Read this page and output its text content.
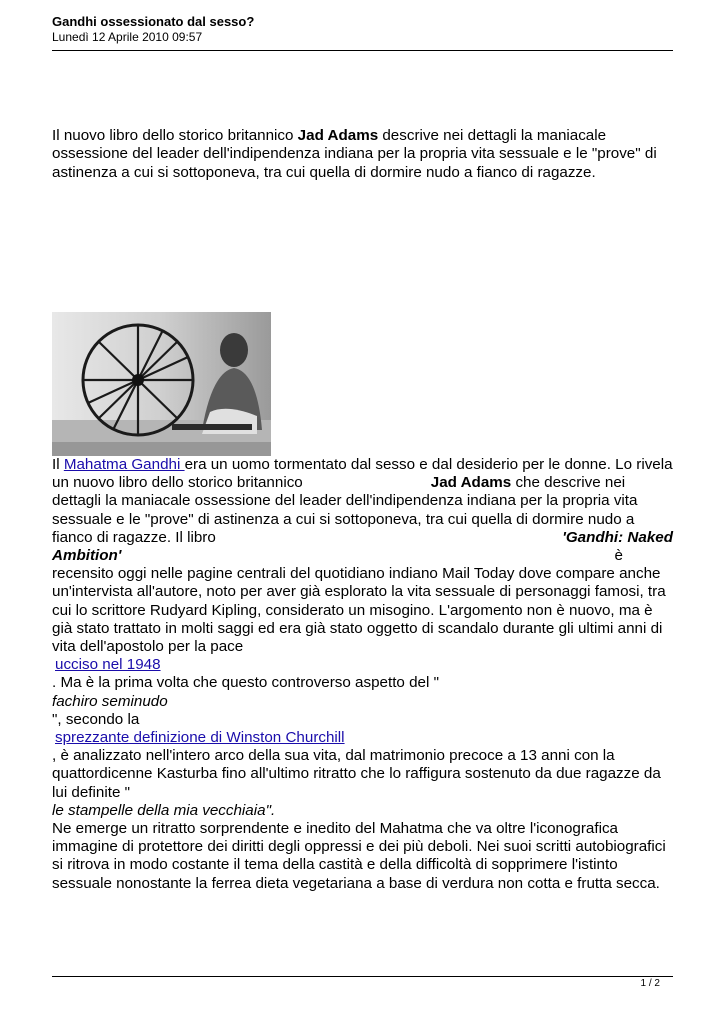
Gandhi ossessionato dal sesso?
Lunedì 12 Aprile 2010 09:57
Il nuovo libro dello storico britannico Jad Adams descrive nei dettagli la maniacale ossessione del leader dell'indipendenza indiana per la propria vita sessuale e le "prove" di astinenza a cui si sottoponeva, tra cui quella di dormire nudo a fianco di ragazze.
Il Mahatma Gandhi era un uomo tormentato dal sesso e dal desiderio per le donne. Lo rivela un nuovo libro dello storico britannico	Jad Adams che descrive nei dettagli la maniacale ossessione del leader dell'indipendenza indiana per la propria vita sessuale e le "prove" di astinenza a cui si sottoponeva, tra cui quella di dormire nudo a fianco di ragazze. Il libro	'Gandhi: Naked
Ambition'	è
recensito oggi nelle pagine centrali del quotidiano indiano Mail Today dove compare anche un'intervista all'autore, noto per aver già esplorato la vita sessuale di personaggi famosi, tra cui lo scrittore Rudyard Kipling, considerato un misogino. L'argomento non è nuovo, ma è già stato trattato in molti saggi ed era già stato oggetto di scandalo durante gli ultimi anni di vita dell'apostolo per la pace
ucciso nel 1948
. Ma è la prima volta che questo controverso aspetto del "
fachiro seminudo
", secondo la
sprezzante definizione di Winston Churchill
, è analizzato nell'intero arco della sua vita, dal matrimonio precoce a 13 anni con la quattordicenne Kasturba fino all'ultimo ritratto che lo raffigura sostenuto da due ragazze da lui definite "
le stampelle della mia vecchiaia".
Ne emerge un ritratto sorprendente e inedito del Mahatma che va oltre l'iconografica immagine di protettore dei diritti degli oppressi e dei più deboli. Nei suoi scritti autobiografici si ritrova in modo costante il tema della castità e della difficoltà di sopprimere l'istinto sessuale nonostante la ferrea dieta vegetariana a base di verdura non cotta e frutta secca.
1 / 2
